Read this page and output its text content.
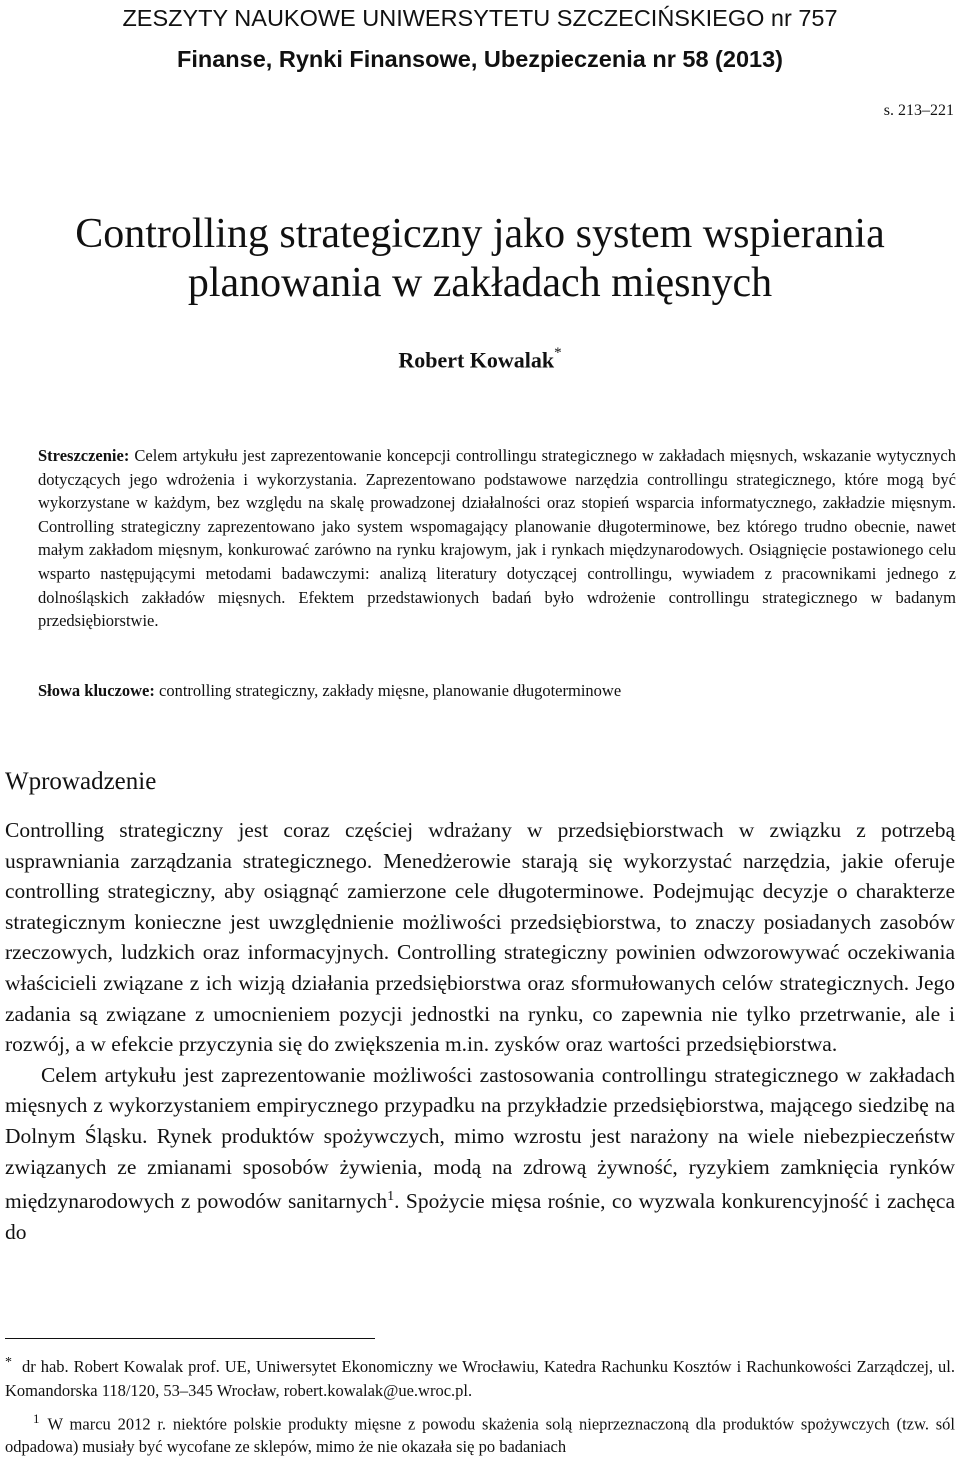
ZESZYTY NAUKOWE UNIWERSYTETU SZCZECIŃSKIEGO nr 757
Finanse, Rynki Finansowe, Ubezpieczenia nr 58 (2013)
s. 213–221
Controlling strategiczny jako system wspierania
planowania w zakładach mięsnych
Robert Kowalak*

Streszczenie: Celem artykułu jest zaprezentowanie koncepcji controllingu strategicznego w zakładach mięsnych, wskazanie wytycznych dotyczących jego wdrożenia i wykorzystania. Zaprezentowano podstawowe narzędzia controllingu strategicznego, które mogą być wykorzystane w każdym, bez względu na skalę prowadzonej działalności oraz stopień wsparcia informatycznego, zakładzie mięsnym. Controlling strategiczny zaprezentowano jako system wspomagający planowanie długoterminowe, bez którego trudno obecnie, nawet małym zakładom mięsnym, konkurować zarówno na rynku krajowym, jak i rynkach międzynarodowych. Osiągnięcie postawionego celu wsparto następującymi metodami badawczymi: analizą literatury dotyczącej controllingu, wywiadem z pracownikami jednego z dolnośląskich zakładów mięsnych. Efektem przedstawionych badań było wdrożenie controllingu strategicznego w badanym przedsiębiorstwie.

Słowa kluczowe: controlling strategiczny, zakłady mięsne, planowanie długoterminowe

Wprowadzenie

Controlling strategiczny jest coraz częściej wdrażany w przedsiębiorstwach w związku z potrzebą usprawniania zarządzania strategicznego. Menedżerowie starają się wykorzystać narzędzia, jakie oferuje controlling strategiczny, aby osiągnąć zamierzone cele długoterminowe. Podejmując decyzje o charakterze strategicznym konieczne jest uwzględnienie możliwości przedsiębiorstwa, to znaczy posiadanych zasobów rzeczowych, ludzkich oraz informacyjnych. Controlling strategiczny powinien odwzorowywać oczekiwania właścicieli związane z ich wizją działania przedsiębiorstwa oraz sformułowanych celów strategicznych. Jego zadania są związane z umocnieniem pozycji jednostki na rynku, co zapewnia nie tylko przetrwanie, ale i rozwój, a w efekcie przyczynia się do zwiększenia m.in. zysków oraz wartości przedsiębiorstwa.

Celem artykułu jest zaprezentowanie możliwości zastosowania controllingu strategicznego w zakładach mięsnych z wykorzystaniem empirycznego przypadku na przykładzie przedsiębiorstwa, mającego siedzibę na Dolnym Śląsku. Rynek produktów spożywczych, mimo wzrostu jest narażony na wiele niebezpieczeństw związanych ze zmianami sposobów żywienia, modą na zdrową żywność, ryzykiem zamknięcia rynków międzynarodowych z powodów sanitarnych$^1$. Spożycie mięsa rośnie, co wyzwala konkurencyjność i zachęca do

* dr hab. Robert Kowalak prof. UE, Uniwersytet Ekonomiczny we Wrocławiu, Katedra Rachunku Kosztów i Rachunkowości Zarządczej, ul. Komandorska 118/120, 53–345 Wrocław, robert.kowalak@ue.wroc.pl.

$^1$ W marcu 2012 r. niektóre polskie produkty mięsne z powodu skażenia solą nieprzeznaczoną dla produktów spożywczych (tzw. sól odpadowa) musiały być wycofane ze sklepów, mimo że nie okazała się po badaniach
